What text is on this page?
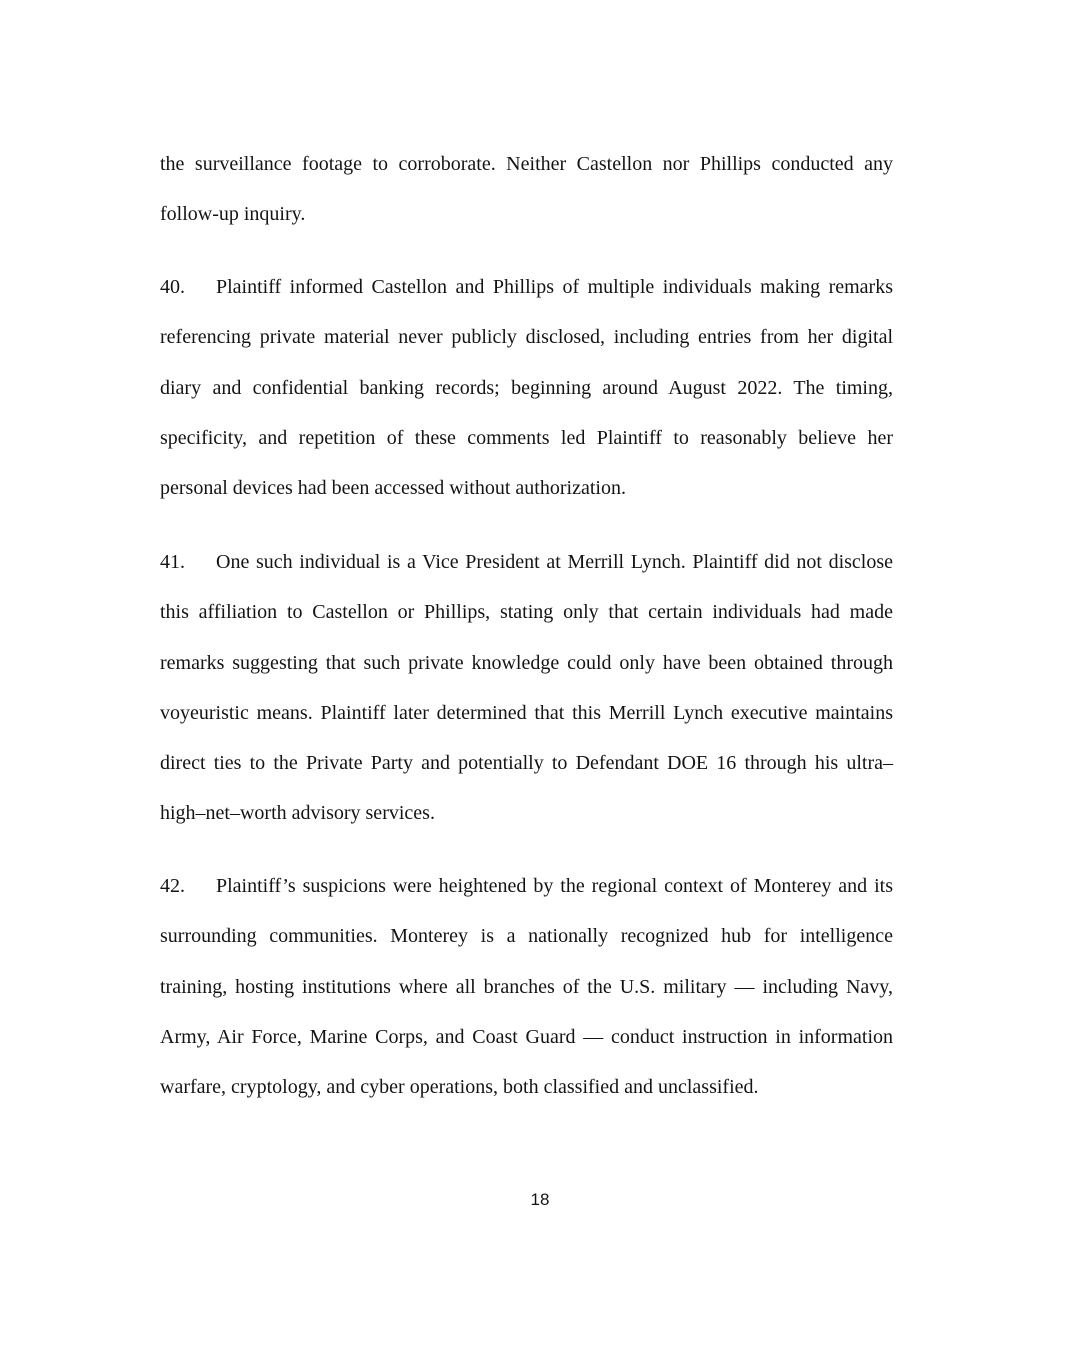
the surveillance footage to corroborate. Neither Castellon nor Phillips conducted any follow-up inquiry.

40. Plaintiff informed Castellon and Phillips of multiple individuals making remarks referencing private material never publicly disclosed, including entries from her digital diary and confidential banking records; beginning around August 2022. The timing, specificity, and repetition of these comments led Plaintiff to reasonably believe her personal devices had been accessed without authorization.

41. One such individual is a Vice President at Merrill Lynch. Plaintiff did not disclose this affiliation to Castellon or Phillips, stating only that certain individuals had made remarks suggesting that such private knowledge could only have been obtained through voyeuristic means. Plaintiff later determined that this Merrill Lynch executive maintains direct ties to the Private Party and potentially to Defendant DOE 16 through his ultra–high–net–worth advisory services.

42. Plaintiff’s suspicions were heightened by the regional context of Monterey and its surrounding communities. Monterey is a nationally recognized hub for intelligence training, hosting institutions where all branches of the U.S. military — including Navy, Army, Air Force, Marine Corps, and Coast Guard — conduct instruction in information warfare, cryptology, and cyber operations, both classified and unclassified.

18
